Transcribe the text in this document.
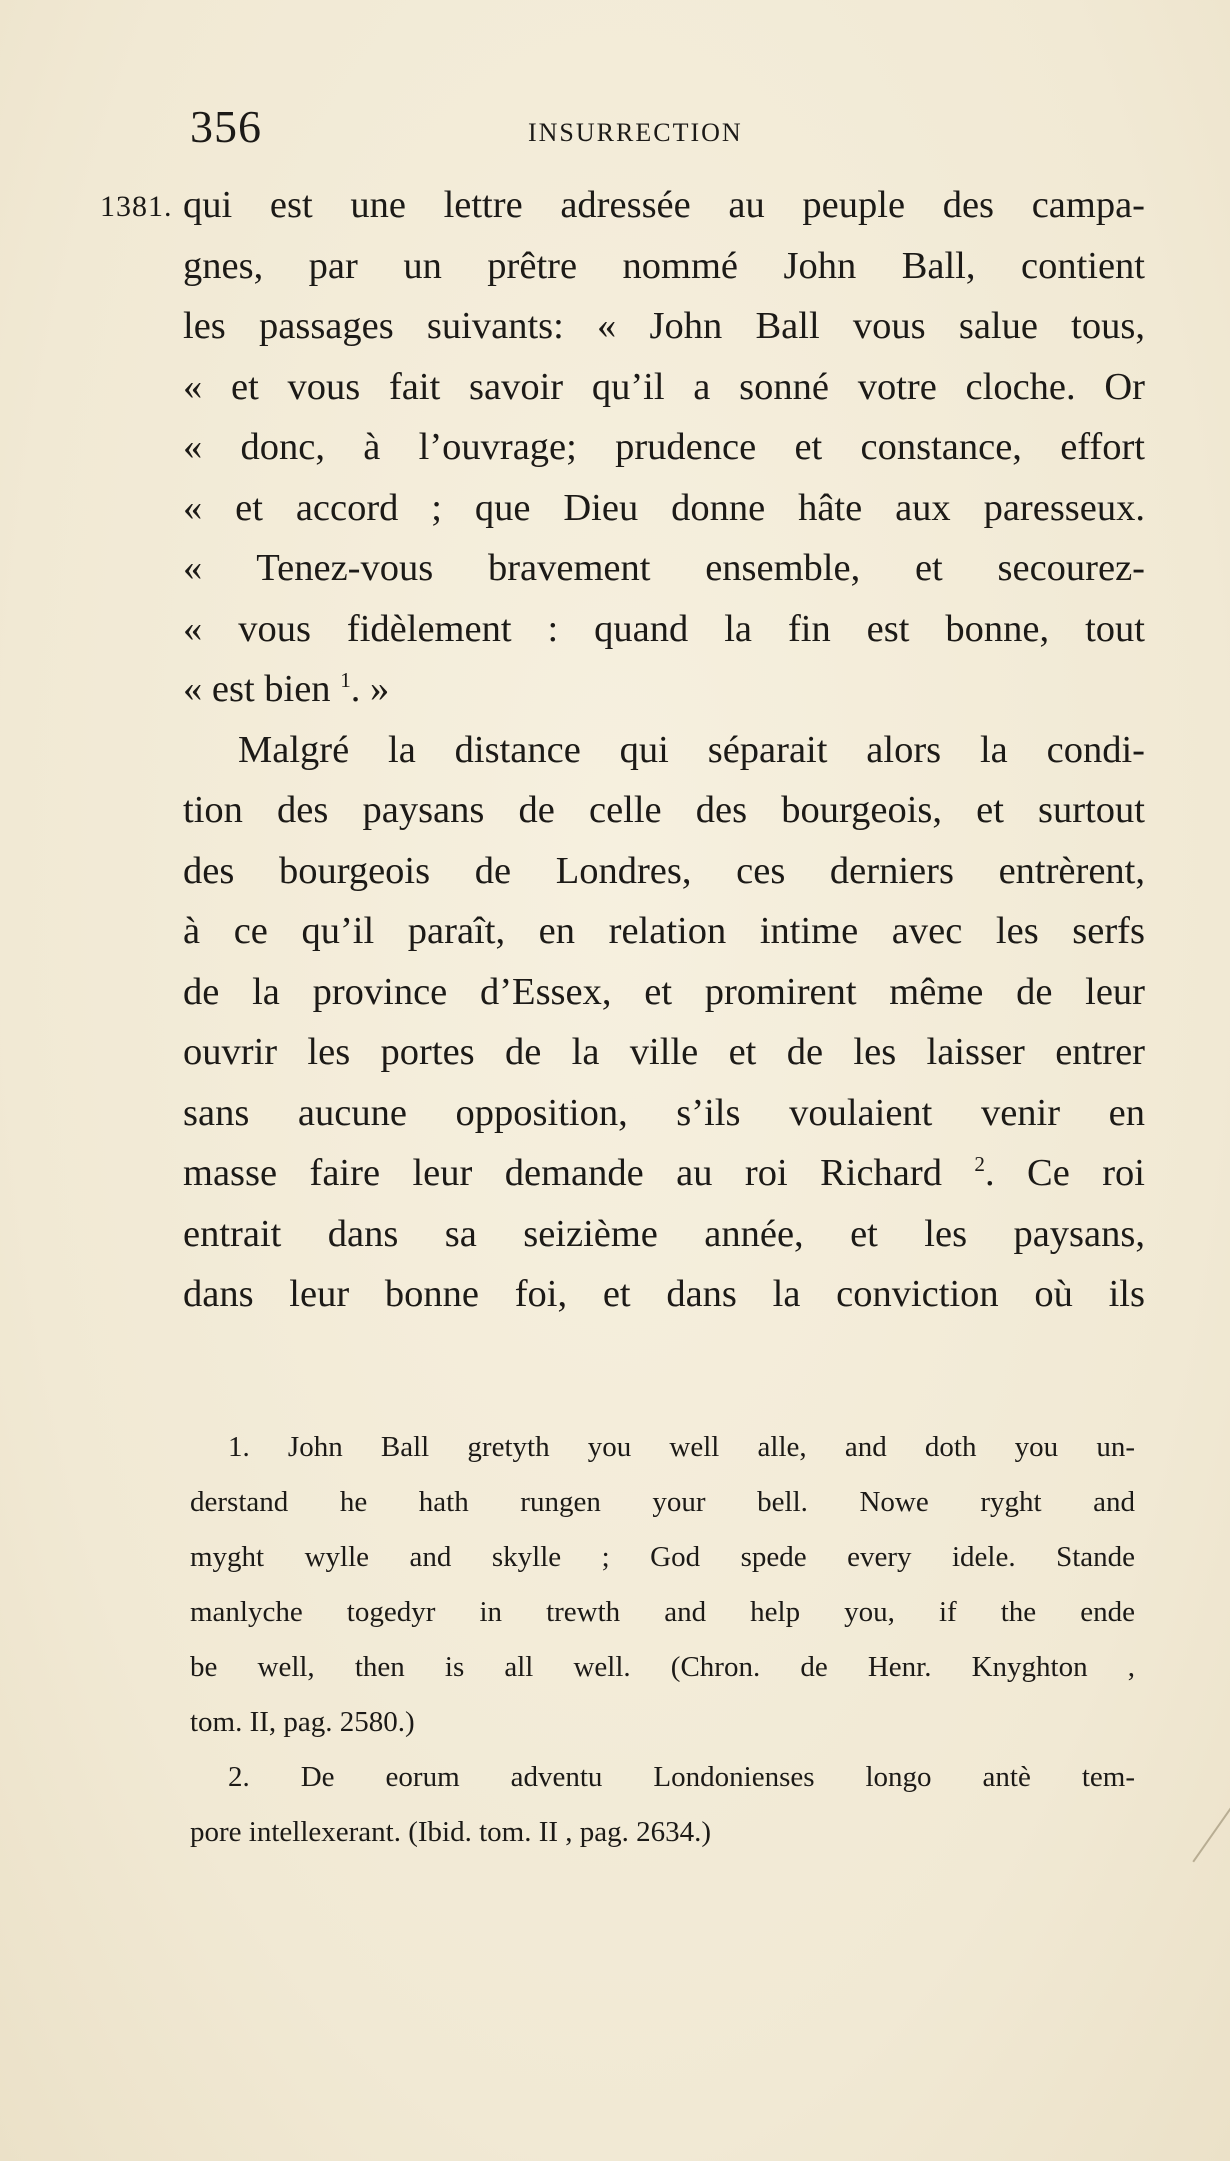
356	INSURRECTION
1381. qui est une lettre adressée au peuple des campa-
gnes, par un prêtre nommé John Ball, contient
les passages suivants: « John Ball vous salue tous,
« et vous fait savoir qu’il a sonné votre cloche. Or
« donc, à l’ouvrage; prudence et constance, effort
« et accord ; que Dieu donne hâte aux paresseux.
« Tenez-vous bravement ensemble, et secourez-
« vous fidèlement : quand la fin est bonne, tout
« est bien $^1$. »
Malgré la distance qui séparait alors la condi-
tion des paysans de celle des bourgeois, et surtout
des bourgeois de Londres, ces derniers entrèrent,
à ce qu’il paraît, en relation intime avec les serfs
de la province d’Essex, et promirent même de leur
ouvrir les portes de la ville et de les laisser entrer
sans aucune opposition, s’ils voulaient venir en
masse faire leur demande au roi Richard $^2$. Ce roi
entrait dans sa seizième année, et les paysans,
dans leur bonne foi, et dans la conviction où ils
1. John Ball gretyth you well alle, and doth you un-
derstand he hath rungen your bell. Nowe ryght and
myght wylle and skylle ; God spede every idele. Stande
manlyche togedyr in trewth and help you, if the ende
be well, then is all well. (Chron. de Henr. Knyghton ,
tom. II, pag. 2580.)
2. De eorum adventu Londonienses longo antè tem-
pore intellexerant. (Ibid. tom. II , pag. 2634.)
